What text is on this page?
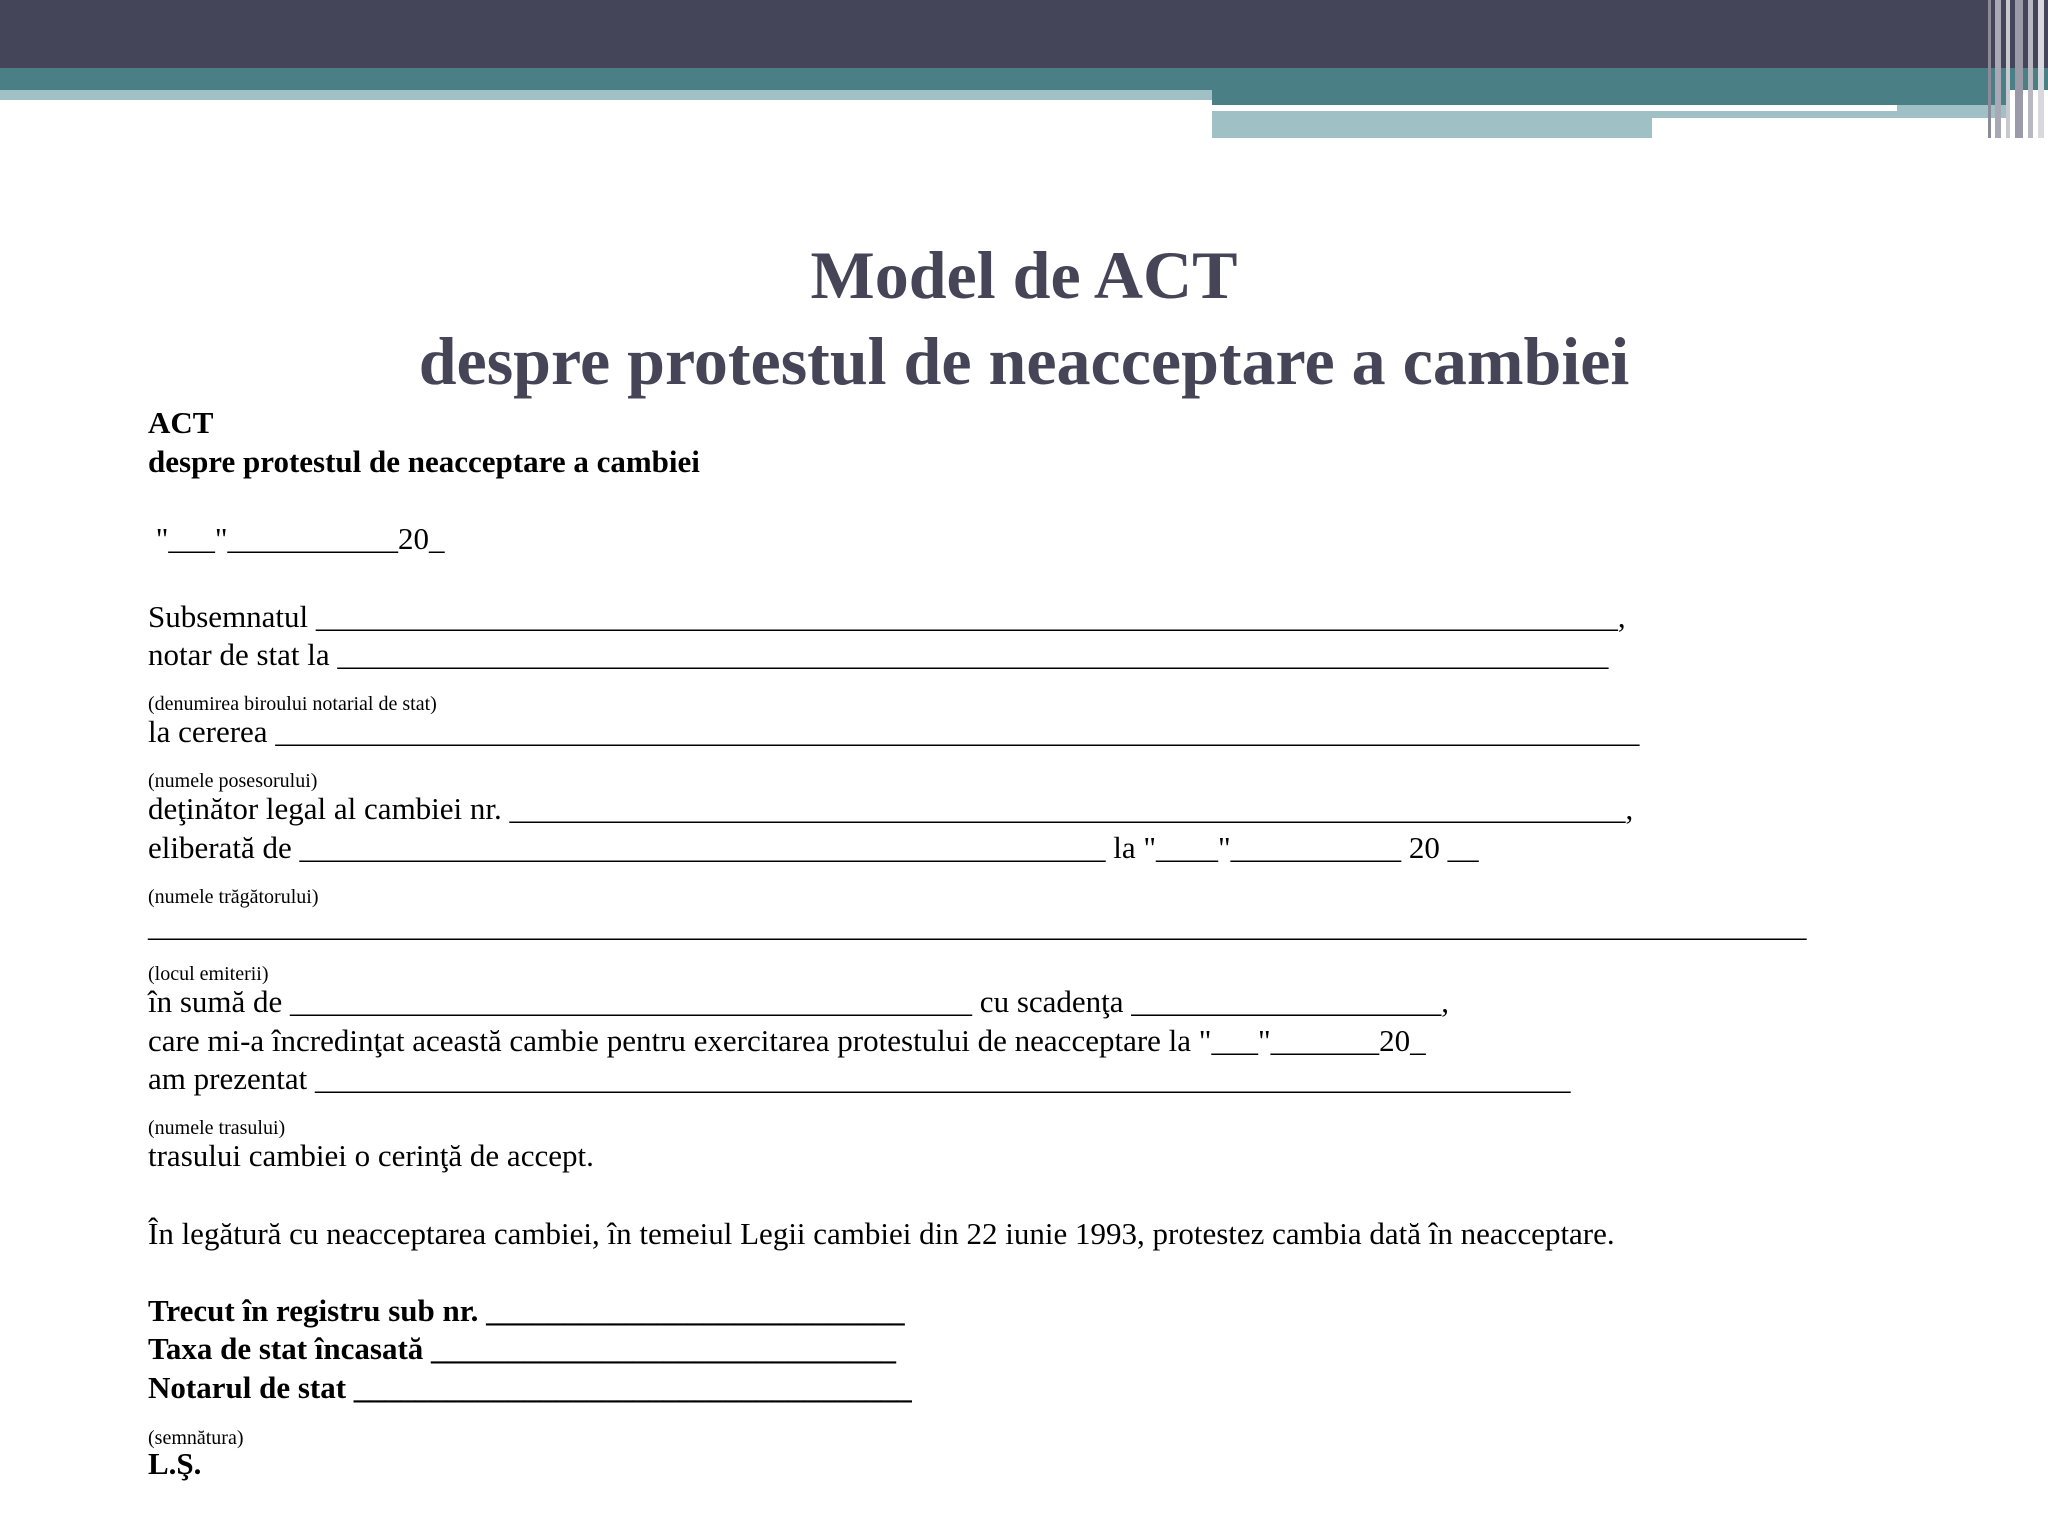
Model de ACT
despre protestul de neacceptare a cambiei
ACT
despre protestul de neacceptare a cambiei
"___"___________20_
Subsemnatul ____________________________________________________________________________________,
notar de stat la __________________________________________________________________________________
(denumirea biroului notarial de stat)
la cererea ________________________________________________________________________________________
(numele posesorului)
deţinător legal al cambiei nr. ________________________________________________________________________,
eliberată de ____________________________________________________ la "____"___________ 20 __
(numele trăgătorului)
___________________________________________________________________________________________________________
(locul emiterii)
în sumă de ____________________________________________ cu scadenţa ____________________,
care mi-a încredinţat această cambie pentru exercitarea protestului de neacceptare la "___"_______20_
am prezentat _________________________________________________________________________________
(numele trasului)
trasului cambiei o cerinţă de accept.
În legătură cu neacceptarea cambiei, în temeiul Legii cambiei din 22 iunie 1993, protestez cambia dată în neacceptare.
Trecut în registru sub nr. ___________________________
Taxa de stat încasată ______________________________
Notarul de stat ____________________________________
(semnătura)
L.Ş.
